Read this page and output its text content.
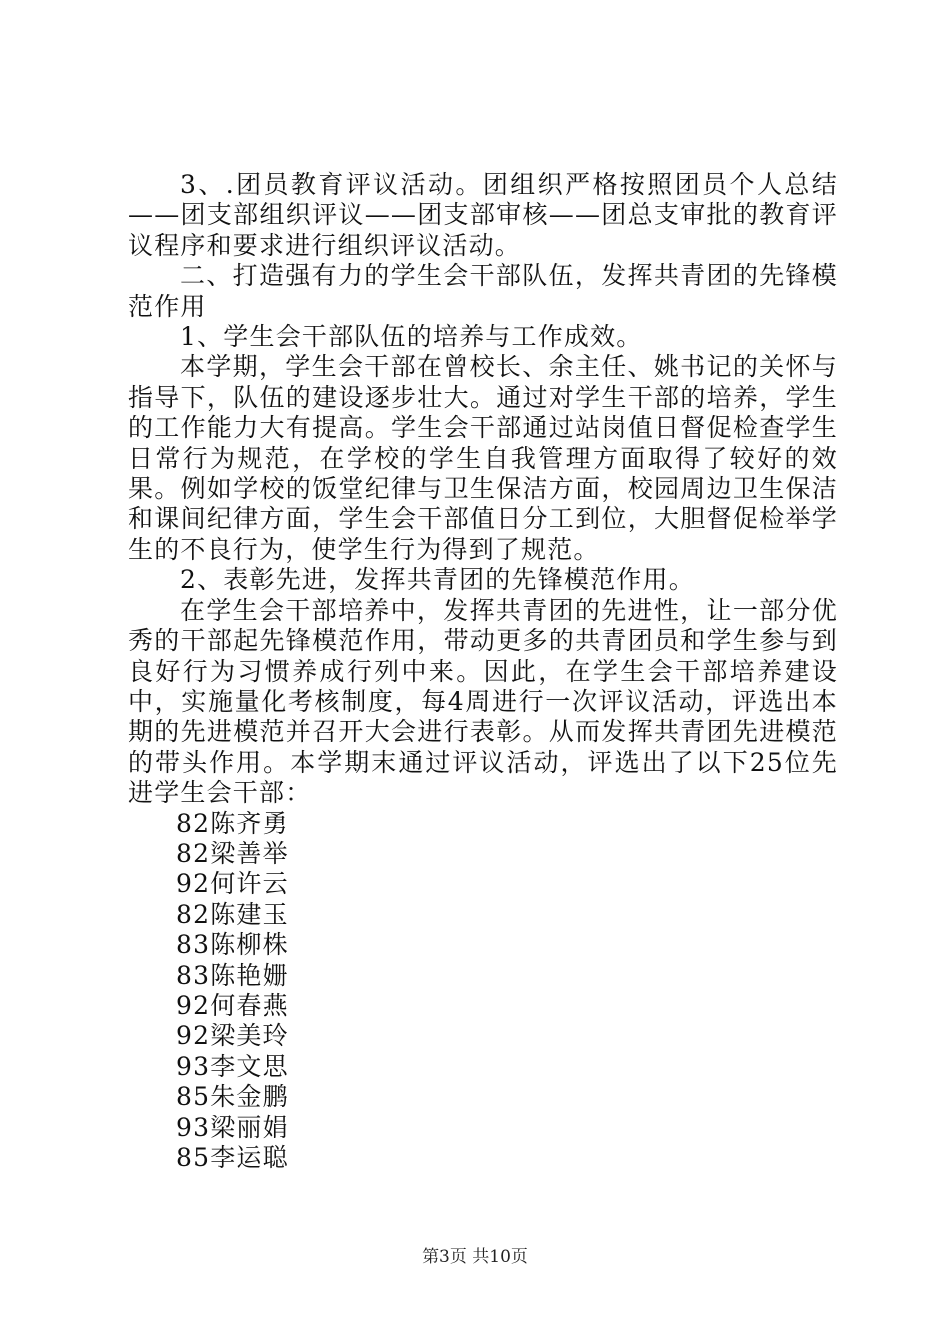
3、.团员教育评议活动。团组织严格按照团员个人总结——团支部组织评议——团支部审核——团总支审批的教育评议程序和要求进行组织评议活动。

二、打造强有力的学生会干部队伍，发挥共青团的先锋模范作用

1、学生会干部队伍的培养与工作成效。

本学期，学生会干部在曾校长、余主任、姚书记的关怀与指导下，队伍的建设逐步壮大。通过对学生干部的培养，学生的工作能力大有提高。学生会干部通过站岗值日督促检查学生日常行为规范，在学校的学生自我管理方面取得了较好的效果。例如学校的饭堂纪律与卫生保洁方面，校园周边卫生保洁和课间纪律方面，学生会干部值日分工到位，大胆督促检举学生的不良行为，使学生行为得到了规范。

2、表彰先进，发挥共青团的先锋模范作用。

在学生会干部培养中，发挥共青团的先进性，让一部分优秀的干部起先锋模范作用，带动更多的共青团员和学生参与到良好行为习惯养成行列中来。因此，在学生会干部培养建设中，实施量化考核制度，每4周进行一次评议活动，评选出本期的先进模范并召开大会进行表彰。从而发挥共青团先进模范的带头作用。本学期末通过评议活动，评选出了以下25位先进学生会干部：

82陈齐勇
82梁善举
92何许云
82陈建玉
83陈柳株
83陈艳姗
92何春燕
92梁美玲
93李文思
85朱金鹏
93梁丽娟
85李运聪
第3页 共10页
